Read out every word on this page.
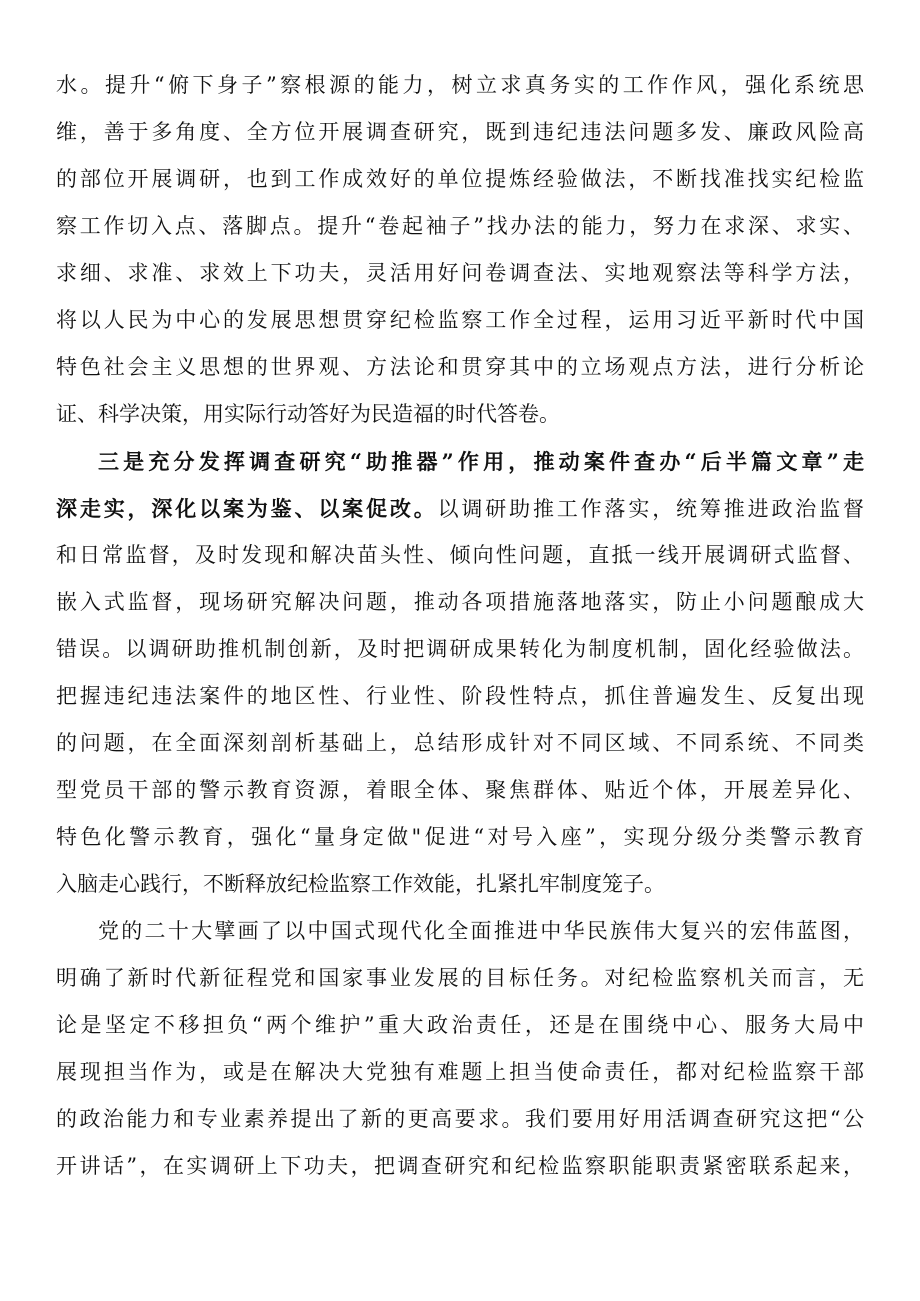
水。提升“俯下身子”察根源的能力，树立求真务实的工作作风，强化系统思
维，善于多角度、全方位开展调查研究，既到违纪违法问题多发、廉政风险高
的部位开展调研，也到工作成效好的单位提炼经验做法，不断找准找实纪检监
察工作切入点、落脚点。提升“卷起袖子”找办法的能力，努力在求深、求实、
求细、求准、求效上下功夫，灵活用好问卷调查法、实地观察法等科学方法，
将以人民为中心的发展思想贯穿纪检监察工作全过程，运用习近平新时代中国
特色社会主义思想的世界观、方法论和贯穿其中的立场观点方法，进行分析论
证、科学决策，用实际行动答好为民造福的时代答卷。
三是充分发挥调查研究“助推器”作用，推动案件查办“后半篇文章”走
深走实，深化以案为鉴、以案促改。以调研助推工作落实，统筹推进政治监督
和日常监督，及时发现和解决苗头性、倾向性问题，直抵一线开展调研式监督、
嵌入式监督，现场研究解决问题，推动各项措施落地落实，防止小问题酿成大
错误。以调研助推机制创新，及时把调研成果转化为制度机制，固化经验做法。
把握违纪违法案件的地区性、行业性、阶段性特点，抓住普遍发生、反复出现
的问题，在全面深刻剖析基础上，总结形成针对不同区域、不同系统、不同类
型党员干部的警示教育资源，着眼全体、聚焦群体、贴近个体，开展差异化、
特色化警示教育，强化“量身定做"促进“对号入座”，实现分级分类警示教育
入脑走心践行，不断释放纪检监察工作效能，扎紧扎牢制度笼子。
党的二十大擘画了以中国式现代化全面推进中华民族伟大复兴的宏伟蓝图，
明确了新时代新征程党和国家事业发展的目标任务。对纪检监察机关而言，无
论是坚定不移担负“两个维护”重大政治责任，还是在围绕中心、服务大局中
展现担当作为，或是在解决大党独有难题上担当使命责任，都对纪检监察干部
的政治能力和专业素养提出了新的更高要求。我们要用好用活调查研究这把“公
开讲话”，在实调研上下功夫，把调查研究和纪检监察职能职责紧密联系起来，
